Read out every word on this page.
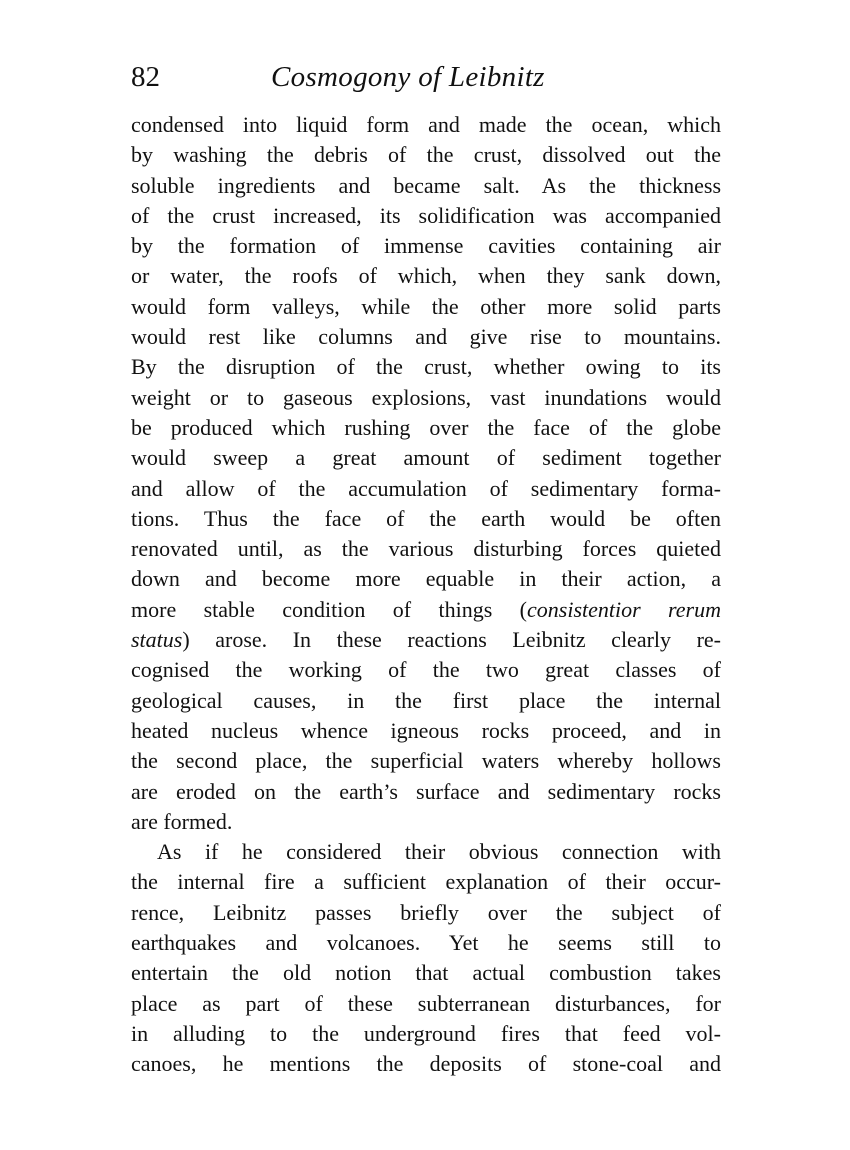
82	Cosmogony of Leibnitz
condensed into liquid form and made the ocean, which
by washing the debris of the crust, dissolved out the
soluble ingredients and became salt. As the thickness
of the crust increased, its solidification was accompanied
by the formation of immense cavities containing air
or water, the roofs of which, when they sank down,
would form valleys, while the other more solid parts
would rest like columns and give rise to mountains.
By the disruption of the crust, whether owing to its
weight or to gaseous explosions, vast inundations would
be produced which rushing over the face of the globe
would sweep a great amount of sediment together
and allow of the accumulation of sedimentary forma-
tions. Thus the face of the earth would be often
renovated until, as the various disturbing forces quieted
down and become more equable in their action, a
more stable condition of things (consistentior rerum
status) arose. In these reactions Leibnitz clearly re-
cognised the working of the two great classes of
geological causes, in the first place the internal
heated nucleus whence igneous rocks proceed, and in
the second place, the superficial waters whereby hollows
are eroded on the earth’s surface and sedimentary rocks
are formed.
As if he considered their obvious connection with
the internal fire a sufficient explanation of their occur-
rence, Leibnitz passes briefly over the subject of
earthquakes and volcanoes. Yet he seems still to
entertain the old notion that actual combustion takes
place as part of these subterranean disturbances, for
in alluding to the underground fires that feed vol-
canoes, he mentions the deposits of stone-coal and
